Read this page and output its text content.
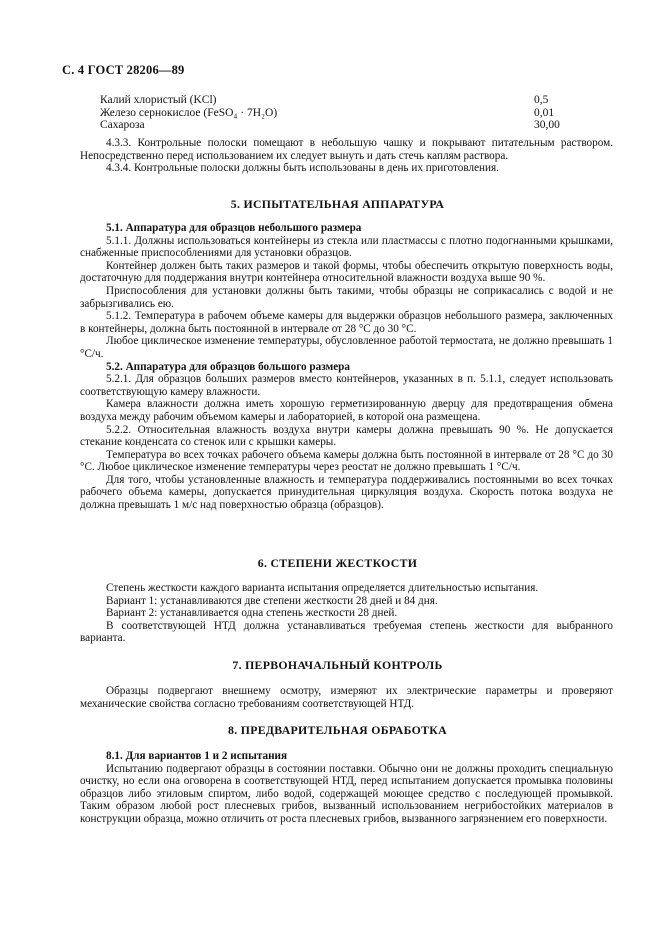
С. 4 ГОСТ 28206—89
Калий хлористый (KCl)	0,5
Железо сернокислое (FeSO₄ · 7H₂O)	0,01
Сахароза	30,00

4.3.3. Контрольные полоски помещают в небольшую чашку и покрывают питательным раствором. Непосредственно перед использованием их следует вынуть и дать стечь каплям раствора.

4.3.4. Контрольные полоски должны быть использованы в день их приготовления.

5. ИСПЫТАТЕЛЬНАЯ АППАРАТУРА

5.1. Аппаратура для образцов небольшого размера

5.1.1. Должны использоваться контейнеры из стекла или пластмассы с плотно подогнанными крышками, снабженные приспособлениями для установки образцов.

Контейнер должен быть таких размеров и такой формы, чтобы обеспечить открытую поверхность воды, достаточную для поддержания внутри контейнера относительной влажности воздуха выше 90 %.

Приспособления для установки должны быть такими, чтобы образцы не соприкасались с водой и не забрызгивались ею.

5.1.2. Температура в рабочем объеме камеры для выдержки образцов небольшого размера, заключенных в контейнеры, должна быть постоянной в интервале от 28 °С до 30 °С.

Любое циклическое изменение температуры, обусловленное работой термостата, не должно превышать 1 °С/ч.

5.2. Аппаратура для образцов большого размера

5.2.1. Для образцов больших размеров вместо контейнеров, указанных в п. 5.1.1, следует использовать соответствующую камеру влажности.

Камера влажности должна иметь хорошую герметизированную дверцу для предотвращения обмена воздуха между рабочим объемом камеры и лабораторией, в которой она размещена.

5.2.2. Относительная влажность воздуха внутри камеры должна превышать 90 %. Не допускается стекание конденсата со стенок или с крышки камеры.

Температура во всех точках рабочего объема камеры должна быть постоянной в интервале от 28 °С до 30 °С. Любое циклическое изменение температуры через реостат не должно превышать 1 °С/ч.

Для того, чтобы установленные влажность и температура поддерживались постоянными во всех точках рабочего объема камеры, допускается принудительная циркуляция воздуха. Скорость потока воздуха не должна превышать 1 м/с над поверхностью образца (образцов).

6. СТЕПЕНИ ЖЕСТКОСТИ

Степень жесткости каждого варианта испытания определяется длительностью испытания.

Вариант 1: устанавливаются две степени жесткости 28 дней и 84 дня.

Вариант 2: устанавливается одна степень жесткости 28 дней.

В соответствующей НТД должна устанавливаться требуемая степень жесткости для выбранного варианта.

7. ПЕРВОНАЧАЛЬНЫЙ КОНТРОЛЬ

Образцы подвергают внешнему осмотру, измеряют их электрические параметры и проверяют механические свойства согласно требованиям соответствующей НТД.

8. ПРЕДВАРИТЕЛЬНАЯ ОБРАБОТКА

8.1. Для вариантов 1 и 2 испытания

Испытанию подвергают образцы в состоянии поставки. Обычно они не должны проходить специальную очистку, но если она оговорена в соответствующей НТД, перед испытанием допускается промывка половины образцов либо этиловым спиртом, либо водой, содержащей моющее средство с последующей промывкой. Таким образом любой рост плесневых грибов, вызванный использованием негрибостойких материалов в конструкции образца, можно отличить от роста плесневых грибов, вызванного загрязнением его поверхности.
